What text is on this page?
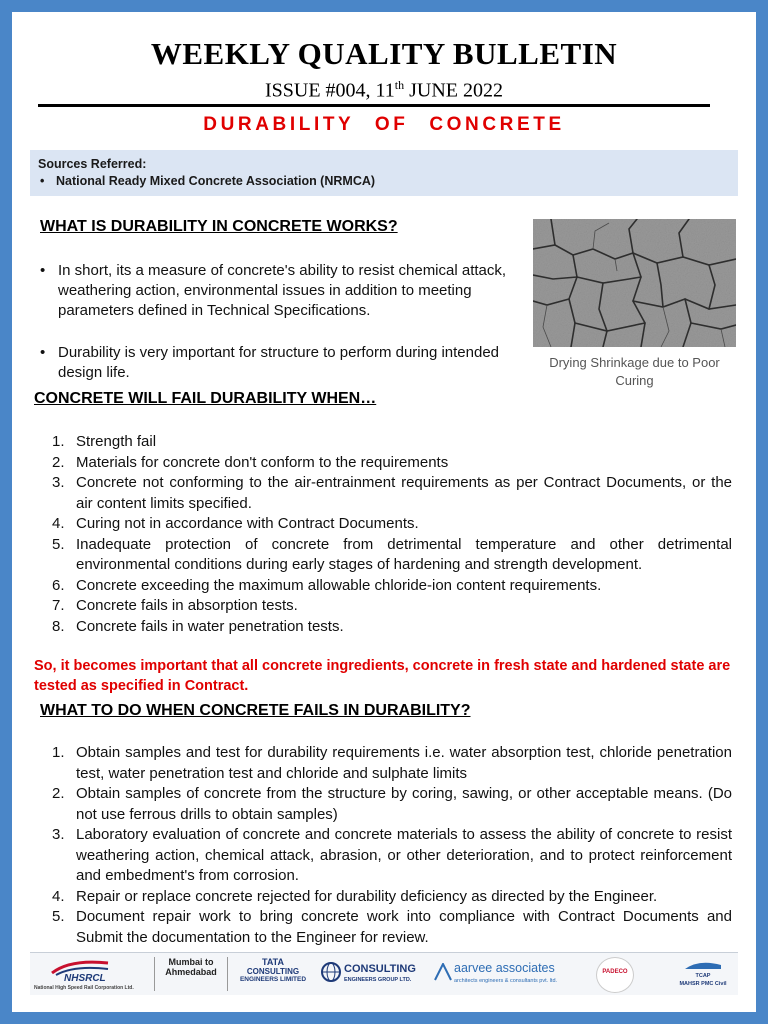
WEEKLY QUALITY BULLETIN
ISSUE #004, 11th JUNE 2022
DURABILITY OF CONCRETE
Sources Referred:
• National Ready Mixed Concrete Association (NRMCA)
WHAT IS DURABILITY IN CONCRETE WORKS?
• In short, its a measure of concrete's ability to resist chemical attack, weathering action, environmental issues in addition to meeting parameters defined in Technical Specifications.
• Durability is very important for structure to perform during intended design life.
Drying Shrinkage due to Poor Curing
CONCRETE WILL FAIL DURABILITY WHEN…
1. Strength fail
2. Materials for concrete don't conform to the requirements
3. Concrete not conforming to the air-entrainment requirements as per Contract Documents, or the air content limits specified.
4. Curing not in accordance with Contract Documents.
5. Inadequate protection of concrete from detrimental temperature and other detrimental environmental conditions during early stages of hardening and strength development.
6. Concrete exceeding the maximum allowable chloride-ion content requirements.
7. Concrete fails in absorption tests.
8. Concrete fails in water penetration tests.
So, it becomes important that all concrete ingredients, concrete in fresh state and hardened state are tested as specified in Contract.
WHAT TO DO WHEN CONCRETE FAILS IN DURABILITY?
1. Obtain samples and test for durability requirements i.e. water absorption test, chloride penetration test, water penetration test and chloride and sulphate limits
2. Obtain samples of concrete from the structure by coring, sawing, or other acceptable means. (Do not use ferrous drills to obtain samples)
3. Laboratory evaluation of concrete and concrete materials to assess the ability of concrete to resist weathering action, chemical attack, abrasion, or other deterioration, and to protect reinforcement and embedment's from corrosion.
4. Repair or replace concrete rejected for durability deficiency as directed by the Engineer.
5. Document repair work to bring concrete work into compliance with Contract Documents and Submit the documentation to the Engineer for review.
NHSRCL
National High Speed Rail Corporation Ltd.
Mumbai to
Ahmedabad
TATA
CONSULTING
ENGINEERS LIMITED
CONSULTING
ENGINEERS GROUP LTD.
aarvee associates
architects engineers & consultants pvt. ltd.
PADECO
TCAP
MAHSR PMC Civil
